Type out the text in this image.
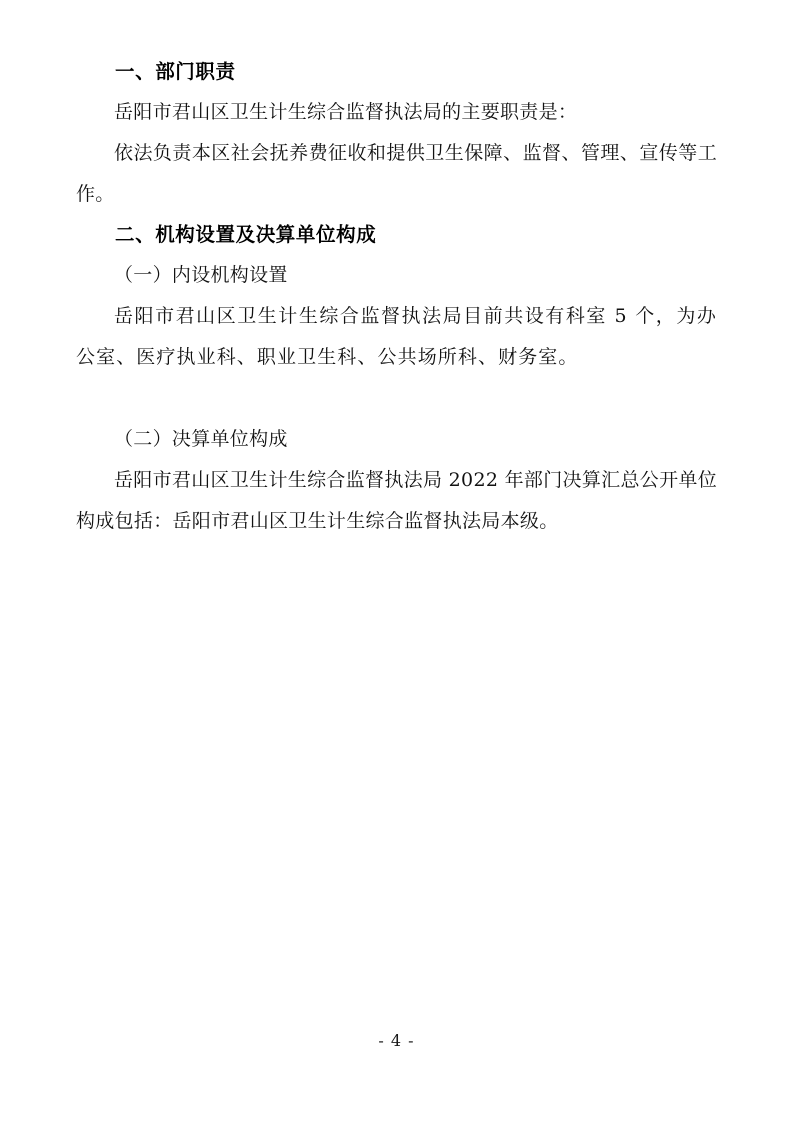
一、部门职责

岳阳市君山区卫生计生综合监督执法局的主要职责是：

依法负责本区社会抚养费征收和提供卫生保障、监督、管理、宣传等工作。

二、机构设置及决算单位构成

（一）内设机构设置

岳阳市君山区卫生计生综合监督执法局目前共设有科室 5 个，为办公室、医疗执业科、职业卫生科、公共场所科、财务室。

（二）决算单位构成

岳阳市君山区卫生计生综合监督执法局 2022 年部门决算汇总公开单位构成包括：岳阳市君山区卫生计生综合监督执法局本级。

- 4 -
